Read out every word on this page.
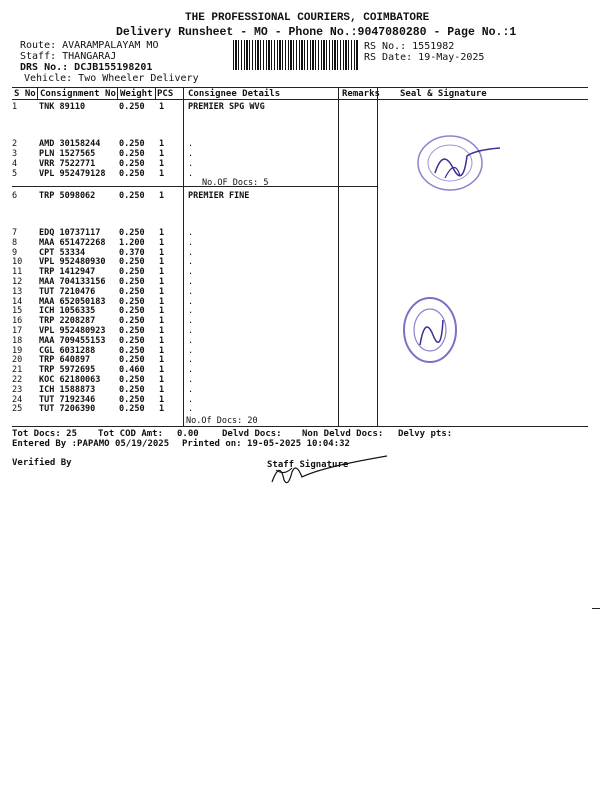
THE PROFESSIONAL COURIERS, COIMBATORE
Delivery Runsheet - MO - Phone No.:9047080280 - Page No.:1
Route: AVARAMPALAYAM MO
Staff: THANGARAJ
DRS No.: DCJB155198201
Vehicle: Two Wheeler Delivery
RS No.: 1551982
RS Date: 19-May-2025
S No Consignment No Weight PCS Consignee Details	Remarks Seal & Signature
PREMIER SPG WVG
1	TNK 89110	0.250 1
2	AMD 30158244 0.250 1	.
3	PLN 1527565	0.250 1	.
4	VRR 7522771	0.250 1	.
5	VPL 952479128 0.250 1	.
No.OF Docs: 5
PREMIER FINE
6	TRP 5098062	0.250 1
7	EDQ 10737117 0.250 1	.
8	MAA 651472268 1.200 1	.
9	CPT 53334	0.370 1	.
10 VPL 952480930 0.250 1	.
11 TRP 1412947	0.250 1	.
12 MAA 704133156 0.250 1	.
13 TUT 7210476	0.250 1	.
14 MAA 652050183 0.250 1	.
15 ICH 1056335	0.250 1	.
16 TRP 2208287	0.250 1	.
17 VPL 952480923 0.250 1	.
18 MAA 709455153 0.250 1	.
19 CGL 6031288	0.250 1	.
20 TRP 640897	0.250 1	.
21 TRP 5972695	0.460 1	.
22 KOC 62180063 0.250 1	.
23 ICH 1588873	0.250 1	.
24 TUT 7192346	0.250 1	.
25 TUT 7206390	0.250 1	.
No.Of Docs: 20
Tot Docs: 25 Tot COD Amt: 0.00	Delvd Docs: Non Delvd Docs: Delvy pts:
Entered By :PAPAMO 05/19/2025 Printed on: 19-05-2025 10:04:32
Verified By	Staff Signature
